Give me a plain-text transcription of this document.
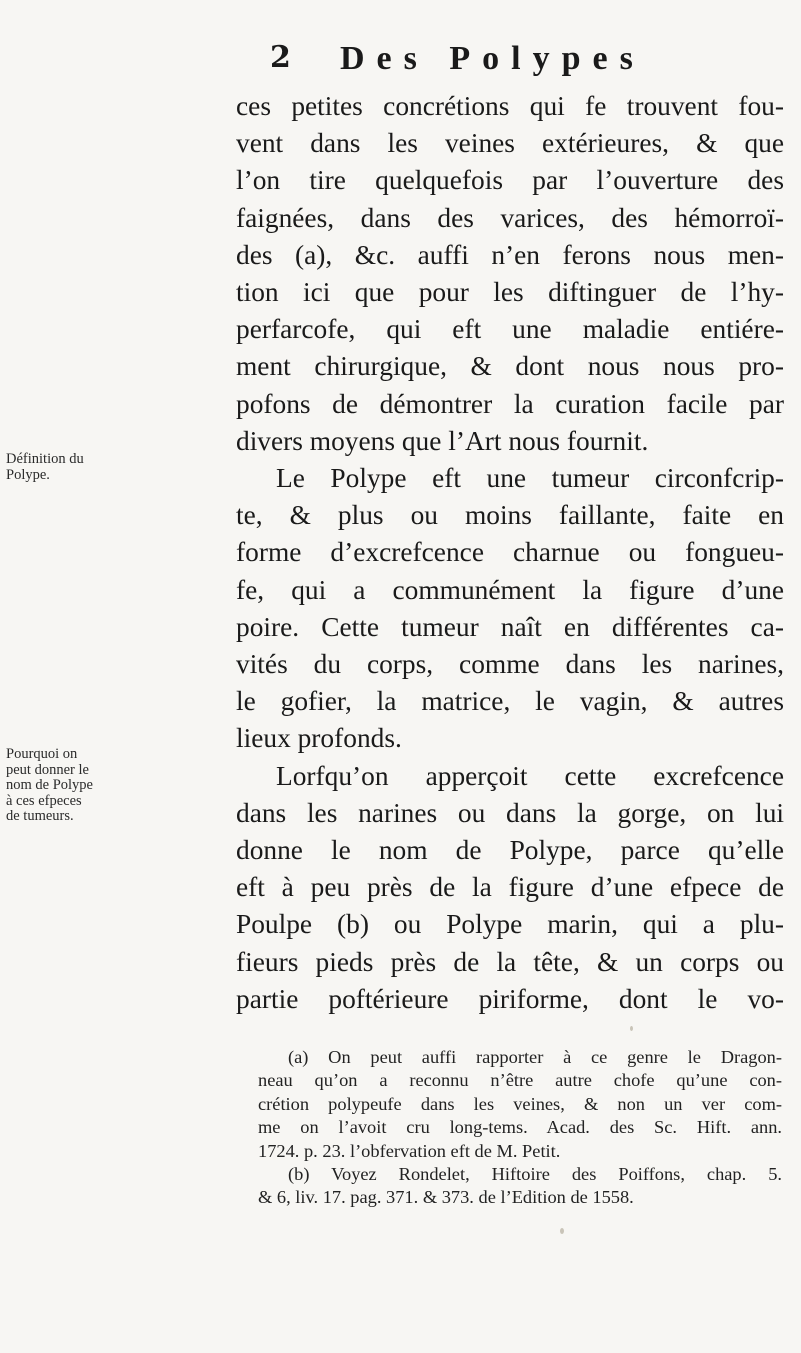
2 Des Polypes
ces petites concrétions qui fe trouvent fou-
vent dans les veines extérieures, & que
l’on tire quelquefois par l’ouverture des
faignées, dans des varices, des hémorroï-
des (a), &c. auffi n’en ferons nous men-
tion ici que pour les diftinguer de l’hy-
perfarcofe, qui eft une maladie entiére-
ment chirurgique, & dont nous nous pro-
pofons de démontrer la curation facile par
divers moyens que l’Art nous fournit.
Le Polype eft une tumeur circonfcrip-
te, & plus ou moins faillante, faite en
forme d’excrefcence charnue ou fongueu-
fe, qui a communément la figure d’une
poire. Cette tumeur naît en différentes ca-
vités du corps, comme dans les narines,
le gofier, la matrice, le vagin, & autres
lieux profonds.
Lorfqu’on apperçoit cette excrefcence
dans les narines ou dans la gorge, on lui
donne le nom de Polype, parce qu’elle
eft à peu près de la figure d’une efpece de
Poulpe (b) ou Polype marin, qui a plu-
fieurs pieds près de la tête, & un corps ou
partie poftérieure piriforme, dont le vo-
Définition du
Polype.
Pourquoi on
peut donner le
nom de Polype
à ces efpeces
de tumeurs.
(a) On peut auffi rapporter à ce genre le Dragon-
neau qu’on a reconnu n’être autre chofe qu’une con-
crétion polypeufe dans les veines, & non un ver com-
me on l’avoit cru long-tems. Acad. des Sc. Hift. ann.
1724. p. 23. l’obfervation eft de M. Petit.
(b) Voyez Rondelet, Hiftoire des Poiffons, chap. 5.
& 6, liv. 17. pag. 371. & 373. de l’Edition de 1558.
